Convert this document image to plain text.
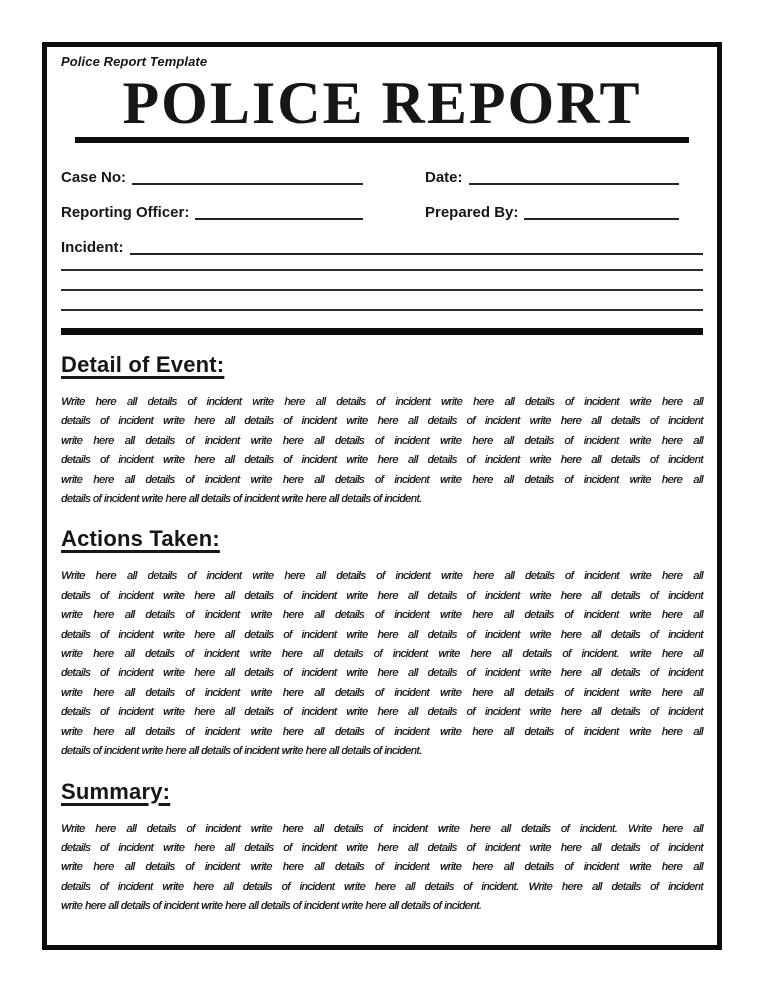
Police Report Template
POLICE REPORT
Case No:	Date:
Reporting Officer:	Prepared By:
Incident:
Detail of Event:
Write here all details of incident write here all details of incident write here all details of incident write here all
details of incident write here all details of incident write here all details of incident write here all details of incident
write here all details of incident write here all details of incident write here all details of incident write here all
details of incident write here all details of incident write here all details of incident write here all details of incident
write here all details of incident write here all details of incident write here all details of incident write here all
details of incident write here all details of incident write here all details of incident.
Actions Taken:
Write here all details of incident write here all details of incident write here all details of incident write here all
details of incident write here all details of incident write here all details of incident write here all details of incident
write here all details of incident write here all details of incident write here all details of incident write here all
details of incident write here all details of incident write here all details of incident write here all details of incident
write here all details of incident write here all details of incident write here all details of incident. write here all
details of incident write here all details of incident write here all details of incident write here all details of incident
write here all details of incident write here all details of incident write here all details of incident write here all
details of incident write here all details of incident write here all details of incident write here all details of incident
write here all details of incident write here all details of incident write here all details of incident write here all
details of incident write here all details of incident write here all details of incident.
Summary:
Write here all details of incident write here all details of incident write here all details of incident. Write here all
details of incident write here all details of incident write here all details of incident write here all details of incident
write here all details of incident write here all details of incident write here all details of incident write here all
details of incident write here all details of incident write here all details of incident. Write here all details of incident
write here all details of incident write here all details of incident write here all details of incident.
